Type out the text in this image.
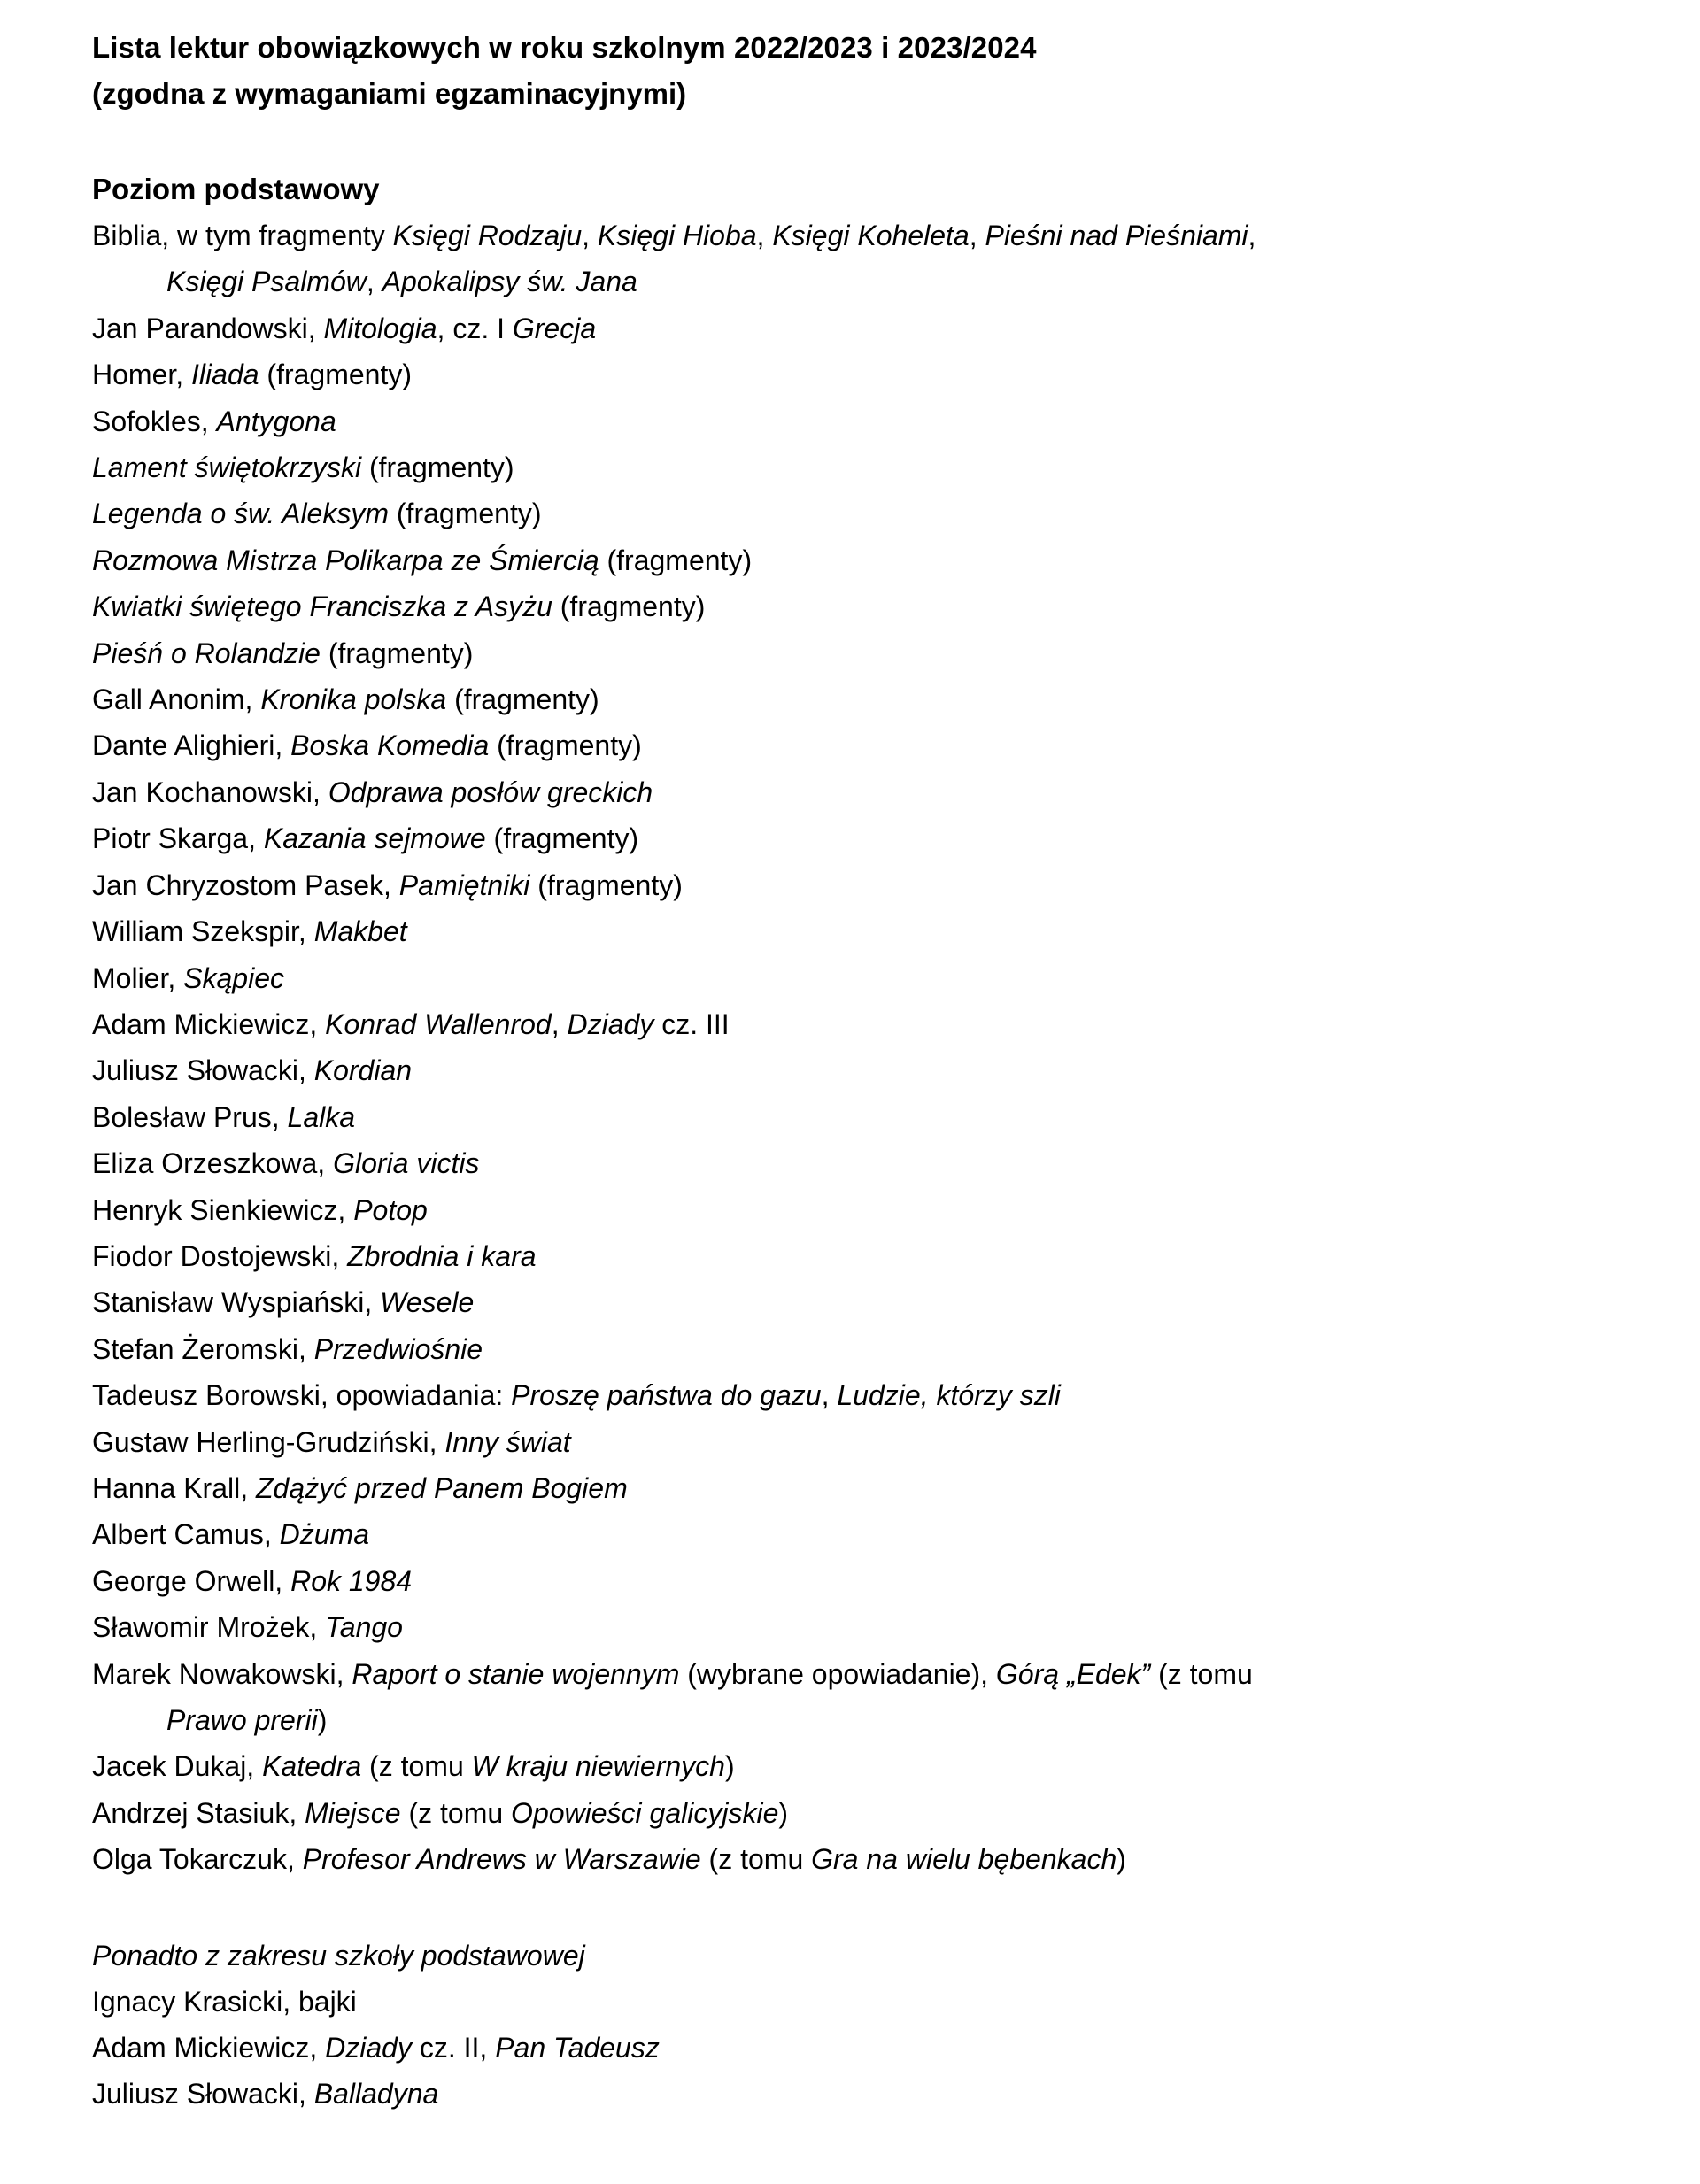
Lista lektur obowiązkowych w roku szkolnym 2022/2023 i 2023/2024
(zgodna z wymaganiami egzaminacyjnymi)
Poziom podstawowy
Biblia, w tym fragmenty Księgi Rodzaju, Księgi Hioba, Księgi Koheleta, Pieśni nad Pieśniami,
Księgi Psalmów, Apokalipsy św. Jana
Jan Parandowski, Mitologia, cz. I Grecja
Homer, Iliada (fragmenty)
Sofokles, Antygona
Lament świętokrzyski (fragmenty)
Legenda o św. Aleksym (fragmenty)
Rozmowa Mistrza Polikarpa ze Śmiercią (fragmenty)
Kwiatki świętego Franciszka z Asyżu (fragmenty)
Pieśń o Rolandzie (fragmenty)
Gall Anonim, Kronika polska (fragmenty)
Dante Alighieri, Boska Komedia (fragmenty)
Jan Kochanowski, Odprawa posłów greckich
Piotr Skarga, Kazania sejmowe (fragmenty)
Jan Chryzostom Pasek, Pamiętniki (fragmenty)
William Szekspir, Makbet
Molier, Skąpiec
Adam Mickiewicz, Konrad Wallenrod, Dziady cz. III
Juliusz Słowacki, Kordian
Bolesław Prus, Lalka
Eliza Orzeszkowa, Gloria victis
Henryk Sienkiewicz, Potop
Fiodor Dostojewski, Zbrodnia i kara
Stanisław Wyspiański, Wesele
Stefan Żeromski, Przedwiośnie
Tadeusz Borowski, opowiadania: Proszę państwa do gazu, Ludzie, którzy szli
Gustaw Herling-Grudziński, Inny świat
Hanna Krall, Zdążyć przed Panem Bogiem
Albert Camus, Dżuma
George Orwell, Rok 1984
Sławomir Mrożek, Tango
Marek Nowakowski, Raport o stanie wojennym (wybrane opowiadanie), Górą „Edek” (z tomu
Prawo prerii)
Jacek Dukaj, Katedra (z tomu W kraju niewiernych)
Andrzej Stasiuk, Miejsce (z tomu Opowieści galicyjskie)
Olga Tokarczuk, Profesor Andrews w Warszawie (z tomu Gra na wielu bębenkach)
Ponadto z zakresu szkoły podstawowej
Ignacy Krasicki, bajki
Adam Mickiewicz, Dziady cz. II, Pan Tadeusz
Juliusz Słowacki, Balladyna
